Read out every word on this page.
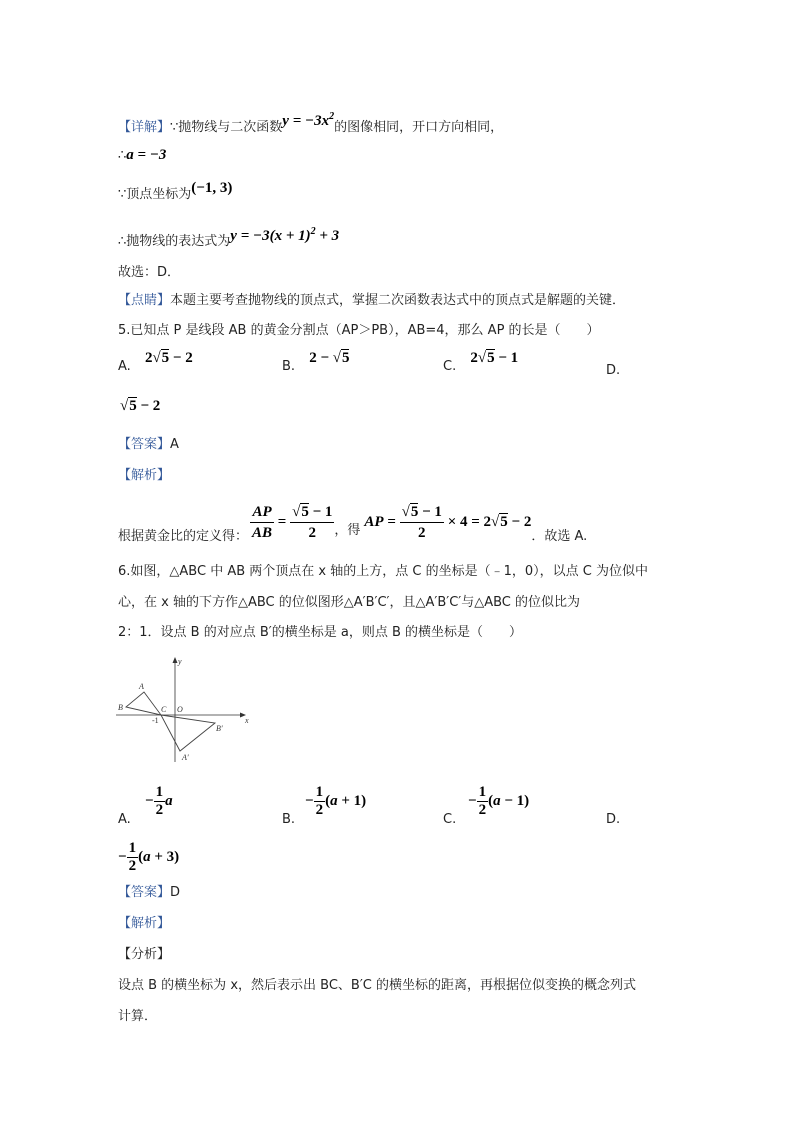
【详解】∵抛物线与二次函数$y = -3x^2$的图像相同，开口方向相同，
∴a = −3
∵顶点坐标为(−1, 3)
∴抛物线的表达式为$y = -3(x + 1)^2 + 3$
故选：D．
【点睛】本题主要考查抛物线的顶点式，掌握二次函数表达式中的顶点式是解题的关键．
5.已知点 P 是线段 AB 的黄金分割点（AP＞PB），AB=4，那么 AP 的长是（　　）
A. 2√5 − 2
B. 2 − √5
C. 2√5 − 1
D.
√5 − 2
【答案】A
【解析】
根据黄金比的定义得： $\frac{AP}{AB} = \frac{√5 - 1}{2}$ ，得AP = $\frac{√5 - 1}{2} \times 4 = 2√5 - 2$．故选 A.
6.如图，△ABC 中 AB 两个顶点在 x 轴的上方，点 C 的坐标是（﹣1，0），以点 C 为位似中
心，在 x 轴的下方作△ABC 的位似图形△A′B′C′，且△A′B′C′与△ABC 的位似比为
2：1．设点 B 的对应点 B′的横坐标是 a，则点 B 的横坐标是（　　）
y
x
A
B	C O
-1
B′
A′
A.
− $\frac{1}{2}$ a
B.
− $\frac{1}{2} (a + 1)$
C.
− $\frac{1}{2} (a - 1)$
D.
− $\frac{1}{2} (a + 3)$
【答案】D
【解析】
【分析】
设点 B 的横坐标为 x，然后表示出 BC、B′C 的横坐标的距离，再根据位似变换的概念列式
计算．
